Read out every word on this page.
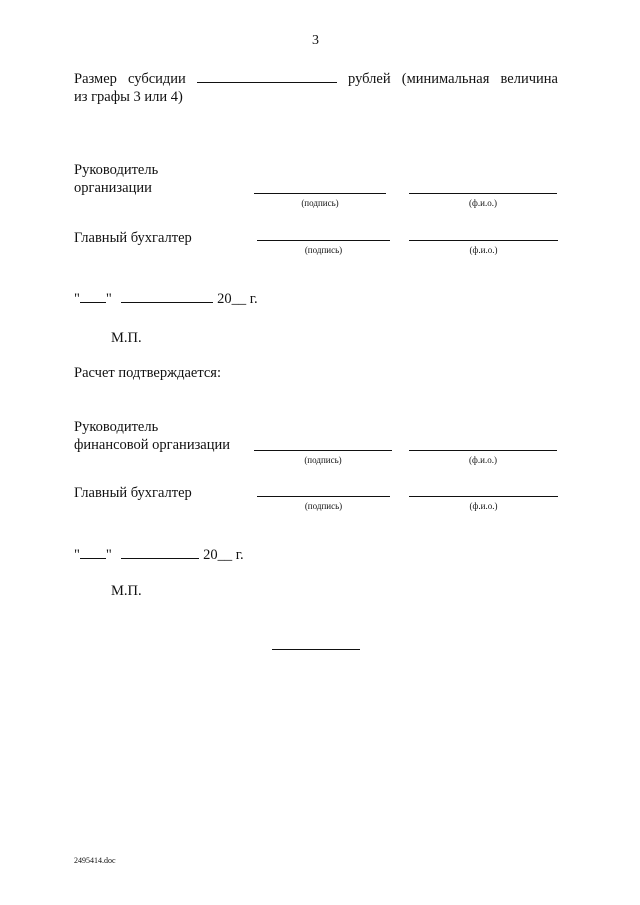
3
Размер субсидии	рублей (минимальная величина
из графы 3 или 4)
Руководитель
организации
(подпись)	(ф.и.о.)
Главный бухгалтер
(подпись)	(ф.и.о.)
" "	20__ г.
М.П.
Расчет подтверждается:
Руководитель
финансовой организации
(подпись)	(ф.и.о.)
Главный бухгалтер
(подпись)	(ф.и.о.)
" "	20__ г.
М.П.
2495414.doc
